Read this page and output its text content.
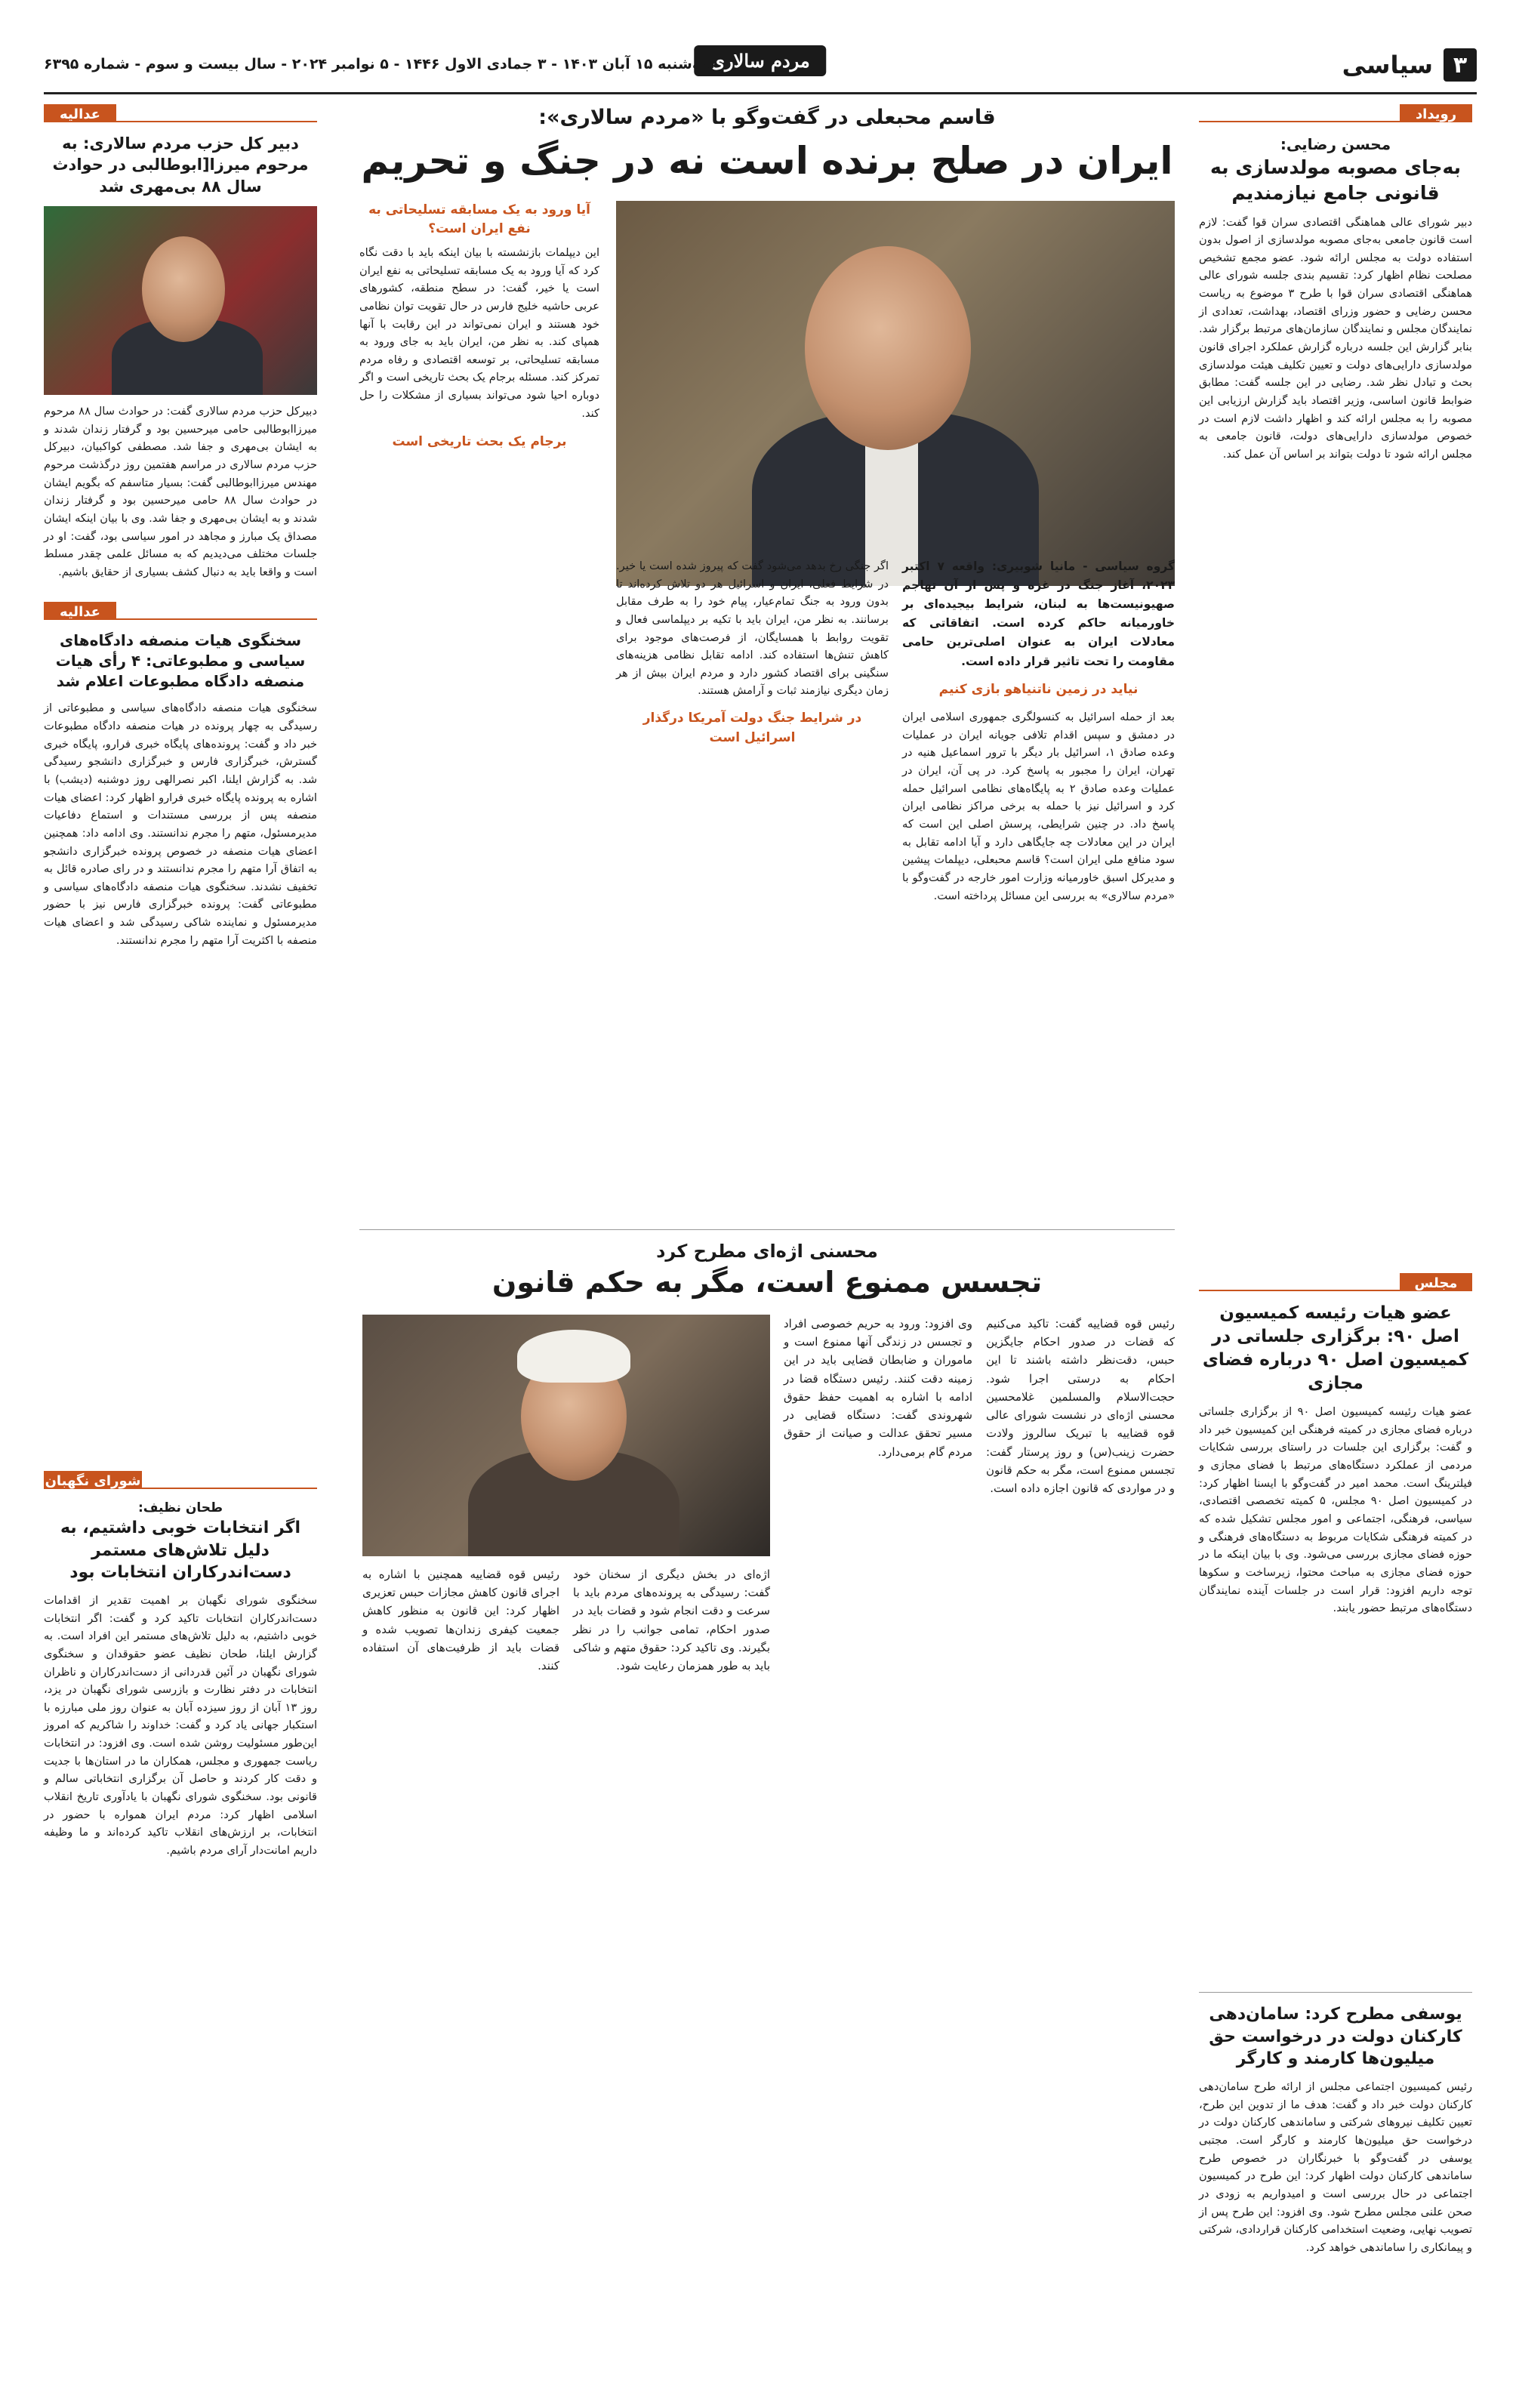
۳
سیاسی
مردم سالاری
سه‌شنبه ۱۵ آبان ۱۴۰۳ - ۳ جمادی الاول ۱۴۴۶ - ۵ نوامبر ۲۰۲۴ - سال بیست و سوم - شماره ۶۳۹۵
رویداد
محسن رضایی:
به‌جای مصوبه مولدسازی به قانونی جامع نیازمندیم
دبیر شورای عالی هماهنگی اقتصادی سران قوا گفت: لازم است قانون جامعی به‌جای مصوبه مولدسازی از اصول بدون استفاده دولت به مجلس ارائه شود. عضو مجمع تشخیص مصلحت نظام اظهار کرد: تقسیم بندی جلسه شورای عالی هماهنگی اقتصادی سران قوا با طرح ۳ موضوع به ریاست محسن رضایی و حضور وزرای اقتصاد، بهداشت، تعدادی از نمایندگان مجلس و نمایندگان سازمان‌های مرتبط برگزار شد. بنابر گزارش این جلسه درباره گزارش عملکرد اجرای قانون مولدسازی دارایی‌های دولت و تعیین تکلیف هیئت مولدسازی بحث و تبادل نظر شد. رضایی در این جلسه گفت: مطابق ضوابط قانون اساسی، وزیر اقتصاد باید گزارش ارزیابی این مصوبه را به مجلس ارائه کند و اظهار داشت لازم است در خصوص مولدسازی دارایی‌های دولت، قانون جامعی به مجلس ارائه شود تا دولت بتواند بر اساس آن عمل کند.
مجلس
عضو هیات رئیسه کمیسیون اصل ۹۰: برگزاری جلساتی در کمیسیون اصل ۹۰ درباره فضای مجازی
عضو هیات رئیسه کمیسیون اصل ۹۰ از برگزاری جلساتی درباره فضای مجازی در کمیته فرهنگی این کمیسیون خبر داد و گفت: برگزاری این جلسات در راستای بررسی شکایات مردمی از عملکرد دستگاه‌های مرتبط با فضای مجازی و فیلترینگ است. محمد امیر در گفت‌وگو با ایسنا اظهار کرد: در کمیسیون اصل ۹۰ مجلس، ۵ کمیته تخصصی اقتصادی، سیاسی، فرهنگی، اجتماعی و امور مجلس تشکیل شده که در کمیته فرهنگی شکایات مربوط به دستگاه‌های فرهنگی و حوزه فضای مجازی بررسی می‌شود. وی با بیان اینکه ما در حوزه فضای مجازی به مباحث محتوا، زیرساخت و سکوها توجه داریم افزود: قرار است در جلسات آینده نمایندگان دستگاه‌های مرتبط حضور یابند.
یوسفی مطرح کرد: سامان‌دهی کارکنان دولت در درخواست حق میلیون‌ها کارمند و کارگر
رئیس کمیسیون اجتماعی مجلس از ارائه طرح سامان‌دهی کارکنان دولت خبر داد و گفت: هدف ما از تدوین این طرح، تعیین تکلیف نیروهای شرکتی و ساماندهی کارکنان دولت در درخواست حق میلیون‌ها کارمند و کارگر است. مجتبی یوسفی در گفت‌وگو با خبرنگاران در خصوص طرح ساماندهی کارکنان دولت اظهار کرد: این طرح در کمیسیون اجتماعی در حال بررسی است و امیدواریم به زودی در صحن علنی مجلس مطرح شود. وی افزود: این طرح پس از تصویب نهایی، وضعیت استخدامی کارکنان قراردادی، شرکتی و پیمانکاری را ساماندهی خواهد کرد.
قاسم محبعلی در گفت‌وگو با «مردم سالاری»:
ایران در صلح برنده است نه در جنگ و تحریم
آیا ورود به یک مسابقه تسلیحاتی به نفع ایران است؟
این دیپلمات بازنشسته با بیان اینکه باید با دقت نگاه کرد که آیا ورود به یک مسابقه تسلیحاتی به نفع ایران است یا خیر، گفت: در سطح منطقه، کشورهای عربی حاشیه خلیج فارس در حال تقویت توان نظامی خود هستند و ایران نمی‌تواند در این رقابت با آنها همپای کند. به نظر من، ایران باید به جای ورود به مسابقه تسلیحاتی، بر توسعه اقتصادی و رفاه مردم تمرکز کند. مسئله برجام یک بحث تاریخی است و اگر دوباره احیا شود می‌تواند بسیاری از مشکلات را حل کند.
برجام یک بحث تاریخی است
گروه سیاسی - مانیا شوبیری: واقعه ۷ اکتبر ۲۰۲۳، آغاز جنگ در غزه و پس از آن تهاجم صهیونیست‌ها به لبنان، شرایط بیجیده‌ای بر خاورمیانه حاکم کرده است. اتفاقاتی که معادلات ایران به عنوان اصلی‌ترین حامی مقاومت را تحت تاثیر قرار داده است.
نیاید در زمین ناتنیاهو بازی کنیم
بعد از حمله اسرائیل به کنسولگری جمهوری اسلامی ایران در دمشق و سپس اقدام تلافی جویانه ایران در عملیات وعده صادق ۱، اسرائیل بار دیگر با ترور اسماعیل هنیه در تهران، ایران را مجبور به پاسخ کرد. در پی آن، ایران در عملیات وعده صادق ۲ به پایگاه‌های نظامی اسرائیل حمله کرد و اسرائیل نیز با حمله به برخی مراکز نظامی ایران پاسخ داد. در چنین شرایطی، پرسش اصلی این است که ایران در این معادلات چه جایگاهی دارد و آیا ادامه تقابل به سود منافع ملی ایران است؟ قاسم محبعلی، دیپلمات پیشین و مدیرکل اسبق خاورمیانه وزارت امور خارجه در گفت‌وگو با «مردم سالاری» به بررسی این مسائل پرداخته است.
اگر جنگی رخ بدهد می‌شود گفت که پیروز شده است یا خیر. در شرایط فعلی، ایران و اسرائیل هر دو تلاش کرده‌اند تا بدون ورود به جنگ تمام‌عیار، پیام خود را به طرف مقابل برسانند. به نظر من، ایران باید با تکیه بر دیپلماسی فعال و تقویت روابط با همسایگان، از فرصت‌های موجود برای کاهش تنش‌ها استفاده کند. ادامه تقابل نظامی هزینه‌های سنگینی برای اقتصاد کشور دارد و مردم ایران بیش از هر زمان دیگری نیازمند ثبات و آرامش هستند.
در شرایط جنگ دولت آمریکا درگذار اسرائیل است
محسنی اژه‌ای مطرح کرد
تجسس ممنوع است، مگر به حکم قانون
رئیس قوه قضاییه گفت: تاکید می‌کنیم که قضات در صدور احکام جایگزین حبس، دقت‌نظر داشته باشند تا این احکام به درستی اجرا شود. حجت‌الاسلام والمسلمین غلامحسین محسنی اژه‌ای در نشست شورای عالی قوه قضاییه با تبریک سالروز ولادت حضرت زینب(س) و روز پرستار گفت: تجسس ممنوع است، مگر به حکم قانون و در مواردی که قانون اجازه داده است.
وی افزود: ورود به حریم خصوصی افراد و تجسس در زندگی آنها ممنوع است و ماموران و ضابطان قضایی باید در این زمینه دقت کنند. رئیس دستگاه قضا در ادامه با اشاره به اهمیت حفظ حقوق شهروندی گفت: دستگاه قضایی در مسیر تحقق عدالت و صیانت از حقوق مردم گام برمی‌دارد.
اژه‌ای در بخش دیگری از سخنان خود گفت: رسیدگی به پرونده‌های مردم باید با سرعت و دقت انجام شود و قضات باید در صدور احکام، تمامی جوانب را در نظر بگیرند. وی تاکید کرد: حقوق متهم و شاکی باید به طور همزمان رعایت شود.
رئیس قوه قضاییه همچنین با اشاره به اجرای قانون کاهش مجازات حبس تعزیری اظهار کرد: این قانون به منظور کاهش جمعیت کیفری زندان‌ها تصویب شده و قضات باید از ظرفیت‌های آن استفاده کنند.
عدالیه
دبیر کل حزب مردم سالاری: به مرحوم میرزا[ابوطالبی در حوادث سال ۸۸ بی‌مهری شد
دبیرکل حزب مردم سالاری گفت: در حوادث سال ۸۸ مرحوم میرزاابوطالبی حامی میرحسین بود و گرفتار زندان شدند و به ایشان بی‌مهری و جفا شد. مصطفی کواکبیان، دبیرکل حزب مردم سالاری در مراسم هفتمین روز درگذشت مرحوم مهندس میرزاابوطالبی گفت: بسیار متاسفم که بگویم ایشان در حوادث سال ۸۸ حامی میرحسین بود و گرفتار زندان شدند و به ایشان بی‌مهری و جفا شد. وی با بیان اینکه ایشان مصداق یک مبارز و مجاهد در امور سیاسی بود، گفت: او در جلسات مختلف می‌دیدیم که به مسائل علمی چقدر مسلط است و واقعا باید به دنبال کشف بسیاری از حقایق باشیم.
عدالیه
سخنگوی هیات منصفه دادگاه‌های سیاسی و مطبوعاتی: ۴ رأی هیات منصفه دادگاه مطبوعات اعلام شد
سخنگوی هیات منصفه دادگاه‌های سیاسی و مطبوعاتی از رسیدگی به چهار پرونده در هیات منصفه دادگاه مطبوعات خبر داد و گفت: پرونده‌های پایگاه خبری فرارو، پایگاه خبری گسترش، خبرگزاری فارس و خبرگزاری دانشجو رسیدگی شد. به گزارش ایلنا، اکبر نصرالهی روز دوشنبه (دیشب) با اشاره به پرونده پایگاه خبری فرارو اظهار کرد: اعضای هیات منصفه پس از بررسی مستندات و استماع دفاعیات مدیرمسئول، متهم را مجرم ندانستند. وی ادامه داد: همچنین اعضای هیات منصفه در خصوص پرونده خبرگزاری دانشجو به اتفاق آرا متهم را مجرم ندانستند و در رای صادره قائل به تخفیف نشدند. سخنگوی هیات منصفه دادگاه‌های سیاسی و مطبوعاتی گفت: پرونده خبرگزاری فارس نیز با حضور مدیرمسئول و نماینده شاکی رسیدگی شد و اعضای هیات منصفه با اکثریت آرا متهم را مجرم ندانستند.
شورای نگهبان
طحان نظیف:
اگر انتخابات خوبی داشتیم، به دلیل تلاش‌های مستمر دست‌اندرکاران انتخابات بود
سخنگوی شورای نگهبان بر اهمیت تقدیر از اقدامات دست‌اندرکاران انتخابات تاکید کرد و گفت: اگر انتخابات خوبی داشتیم، به دلیل تلاش‌های مستمر این افراد است. به گزارش ایلنا، طحان نظیف عضو حقوقدان و سخنگوی شورای نگهبان در آئین قدردانی از دست‌اندرکاران و ناظران انتخابات در دفتر نظارت و بازرسی شورای نگهبان در یزد، روز ۱۳ آبان از روز سیزده آبان به عنوان روز ملی مبارزه با استکبار جهانی یاد کرد و گفت: خداوند را شاکریم که امروز این‌طور مسئولیت روشن شده است. وی افزود: در انتخابات ریاست جمهوری و مجلس، همکاران ما در استان‌ها با جدیت و دقت کار کردند و حاصل آن برگزاری انتخاباتی سالم و قانونی بود. سخنگوی شورای نگهبان با یادآوری تاریخ انقلاب اسلامی اظهار کرد: مردم ایران همواره با حضور در انتخابات، بر ارزش‌های انقلاب تاکید کرده‌اند و ما وظیفه داریم امانت‌دار آرای مردم باشیم.
